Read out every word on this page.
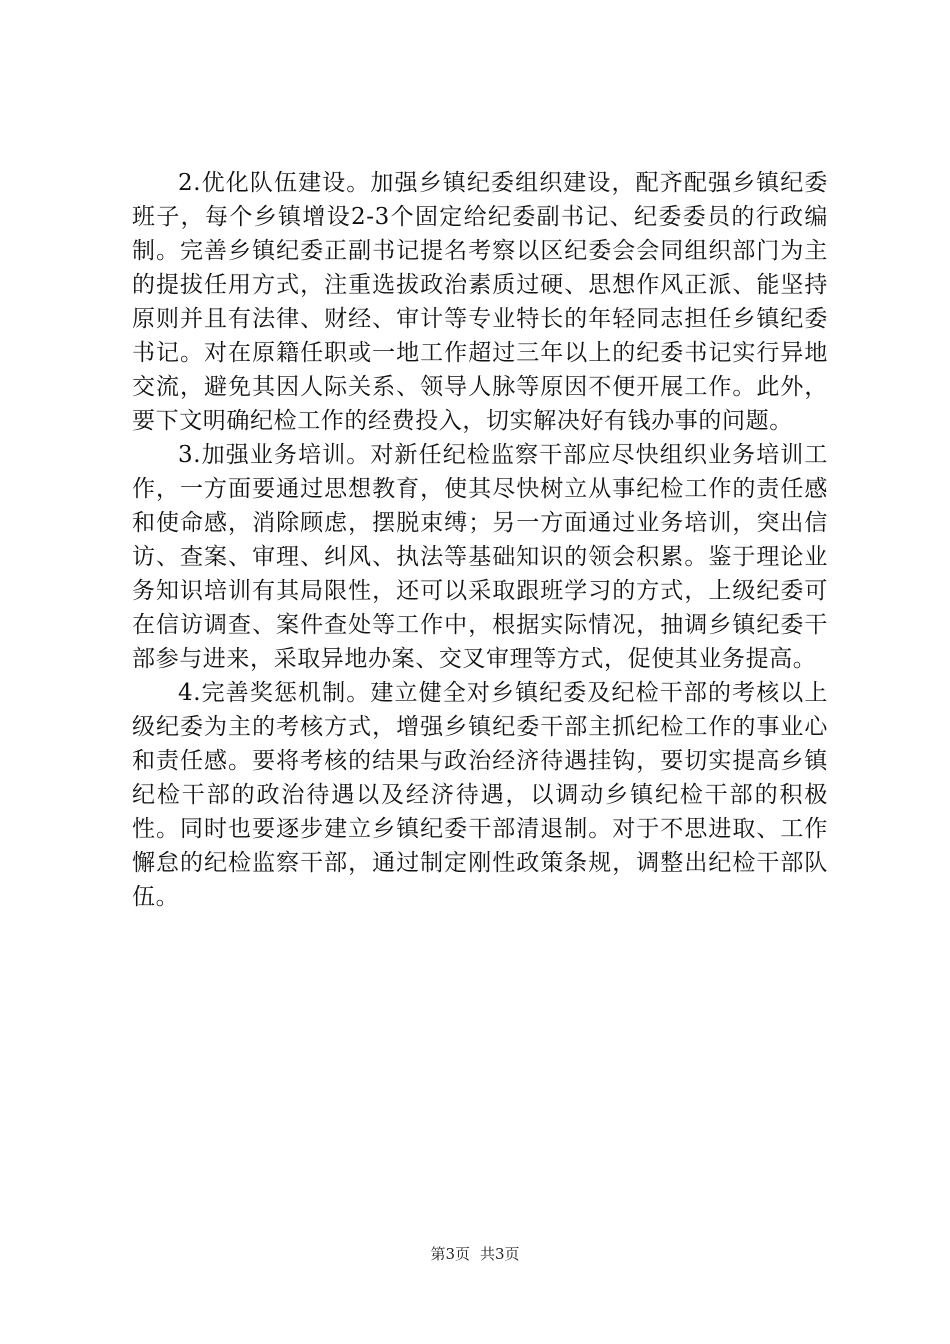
2.优化队伍建设。加强乡镇纪委组织建设，配齐配强乡镇纪委班子，每个乡镇增设2-3个固定给纪委副书记、纪委委员的行政编制。完善乡镇纪委正副书记提名考察以区纪委会会同组织部门为主的提拔任用方式，注重选拔政治素质过硬、思想作风正派、能坚持原则并且有法律、财经、审计等专业特长的年轻同志担任乡镇纪委书记。对在原籍任职或一地工作超过三年以上的纪委书记实行异地交流，避免其因人际关系、领导人脉等原因不便开展工作。此外，要下文明确纪检工作的经费投入，切实解决好有钱办事的问题。

3.加强业务培训。对新任纪检监察干部应尽快组织业务培训工作，一方面要通过思想教育，使其尽快树立从事纪检工作的责任感和使命感，消除顾虑，摆脱束缚；另一方面通过业务培训，突出信访、查案、审理、纠风、执法等基础知识的领会积累。鉴于理论业务知识培训有其局限性，还可以采取跟班学习的方式，上级纪委可在信访调查、案件查处等工作中，根据实际情况，抽调乡镇纪委干部参与进来，采取异地办案、交叉审理等方式，促使其业务提高。

4.完善奖惩机制。建立健全对乡镇纪委及纪检干部的考核以上级纪委为主的考核方式，增强乡镇纪委干部主抓纪检工作的事业心和责任感。要将考核的结果与政治经济待遇挂钩，要切实提高乡镇纪检干部的政治待遇以及经济待遇，以调动乡镇纪检干部的积极性。同时也要逐步建立乡镇纪委干部清退制。对于不思进取、工作懈怠的纪检监察干部，通过制定刚性政策条规，调整出纪检干部队伍。

第3页 共3页
